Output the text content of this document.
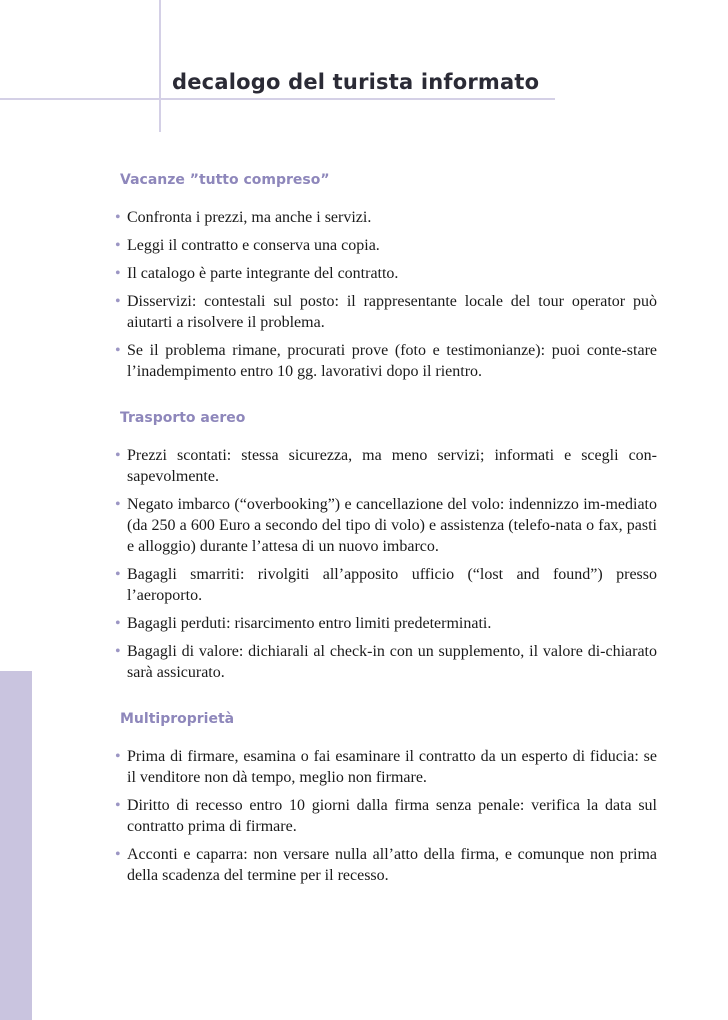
decalogo del turista informato
Vacanze ”tutto compreso”
• Confronta i prezzi, ma anche i servizi.
• Leggi il contratto e conserva una copia.
• Il catalogo è parte integrante del contratto.
• Disservizi: contestali sul posto: il rappresentante locale del tour operator può aiutarti a risolvere il problema.
• Se il problema rimane, procurati prove (foto e testimonianze): puoi conte-stare l’inadempimento entro 10 gg. lavorativi dopo il rientro.
Trasporto aereo
• Prezzi scontati: stessa sicurezza, ma meno servizi; informati e scegli con-sapevolmente.
• Negato imbarco (“overbooking”) e cancellazione del volo: indennizzo im-mediato (da 250 a 600 Euro a secondo del tipo di volo) e assistenza (telefo-nata o fax, pasti e alloggio) durante l’attesa di un nuovo imbarco.
• Bagagli smarriti: rivolgiti all’apposito ufficio (“lost and found”) presso l’aeroporto.
• Bagagli perduti: risarcimento entro limiti predeterminati.
• Bagagli di valore: dichiarali al check-in con un supplemento, il valore di-chiarato sarà assicurato.
Multiproprietà
• Prima di firmare, esamina o fai esaminare il contratto da un esperto di fiducia: se il venditore non dà tempo, meglio non firmare.
• Diritto di recesso entro 10 giorni dalla firma senza penale: verifica la data sul contratto prima di firmare.
• Acconti e caparra: non versare nulla all’atto della firma, e comunque non prima della scadenza del termine per il recesso.
